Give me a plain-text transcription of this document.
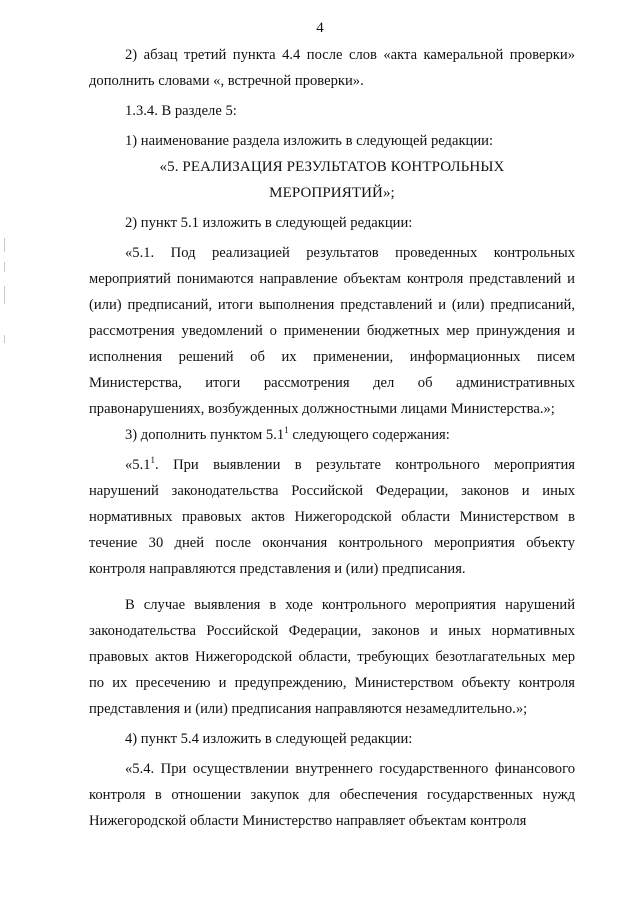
4

2) абзац третий пункта 4.4 после слов «акта камеральной проверки» дополнить словами «, встречной проверки».

1.3.4. В разделе 5:

1) наименование раздела изложить в следующей редакции:

«5. РЕАЛИЗАЦИЯ РЕЗУЛЬТАТОВ КОНТРОЛЬНЫХ

МЕРОПРИЯТИЙ»;

2) пункт 5.1 изложить в следующей редакции:

«5.1. Под реализацией результатов проведенных контрольных мероприятий понимаются направление объектам контроля представлений и (или) предписаний, итоги выполнения представлений и (или) предписаний, рассмотрения уведомлений о применении бюджетных мер принуждения и исполнения решений об их применении, информационных писем Министерства, итоги рассмотрения дел об административных правонарушениях, возбужденных должностными лицами Министерства.»;

3) дополнить пунктом $5.1^1$ следующего содержания:

«$5.1^1$. При выявлении в результате контрольного мероприятия нарушений законодательства Российской Федерации, законов и иных нормативных правовых актов Нижегородской области Министерством в течение 30 дней после окончания контрольного мероприятия объекту контроля направляются представления и (или) предписания.

В случае выявления в ходе контрольного мероприятия нарушений законодательства Российской Федерации, законов и иных нормативных правовых актов Нижегородской области, требующих безотлагательных мер по их пресечению и предупреждению, Министерством объекту контроля представления и (или) предписания направляются незамедлительно.»;

4) пункт 5.4 изложить в следующей редакции:

«5.4. При осуществлении внутреннего государственного финансового контроля в отношении закупок для обеспечения государственных нужд Нижегородской области Министерство направляет объектам контроля
